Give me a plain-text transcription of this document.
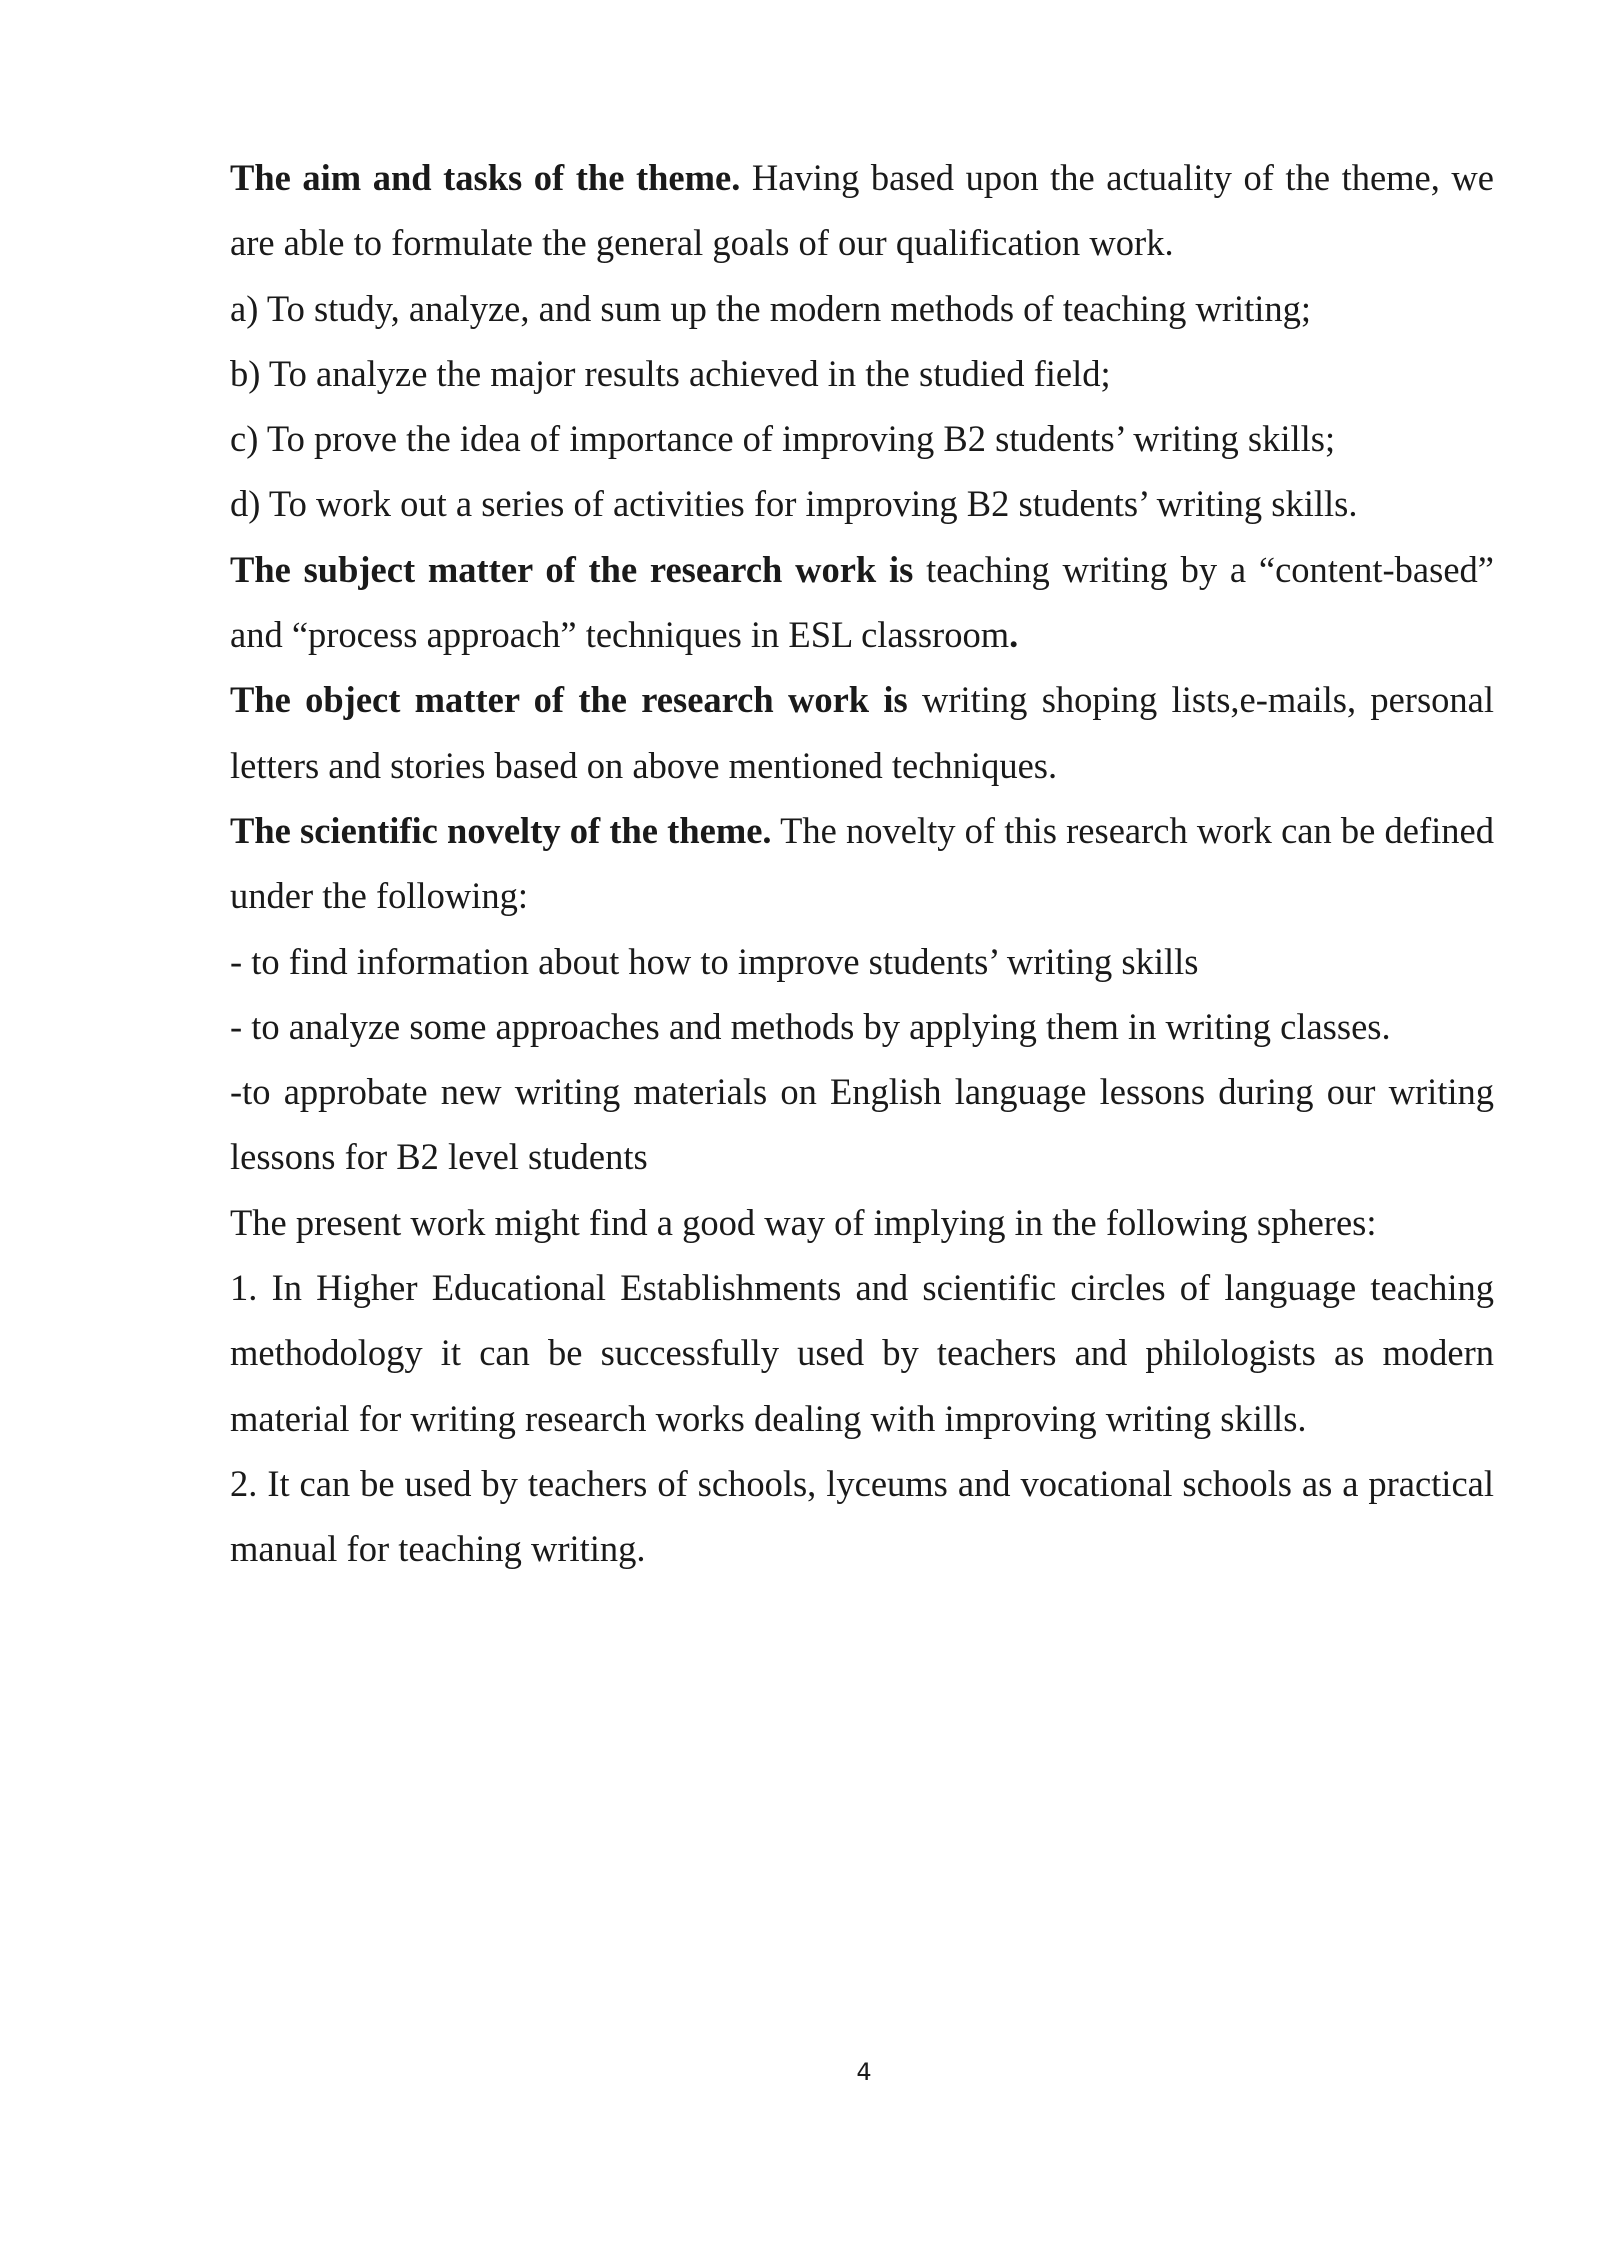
The aim and tasks of the theme. Having based upon the actuality of the theme, we are able to formulate the general goals of our qualification work.

a) To study, analyze, and sum up the modern methods of teaching writing;

b) To analyze the major results achieved in the studied field;

c) To prove the idea of importance of improving B2 students’ writing skills;

d) To work out a series of activities for improving B2 students’ writing skills.

The subject matter of the research work is teaching writing by a “content-based” and “process approach” techniques in ESL classroom.

The object matter of the research work is writing shoping lists,e-mails, personal letters and stories based on above mentioned techniques.

The scientific novelty of the theme. The novelty of this research work can be defined under the following:

- to find information about how to improve students’ writing skills

- to analyze some approaches and methods by applying them in writing classes.

-to approbate new writing materials on English language lessons during our writing lessons for B2 level students

The present work might find a good way of implying in the following spheres:

1. In Higher Educational Establishments and scientific circles of language teaching methodology it can be successfully used by teachers and philologists as modern material for writing research works dealing with improving writing skills.

2. It can be used by teachers of schools, lyceums and vocational schools as a practical manual for teaching writing.

4
